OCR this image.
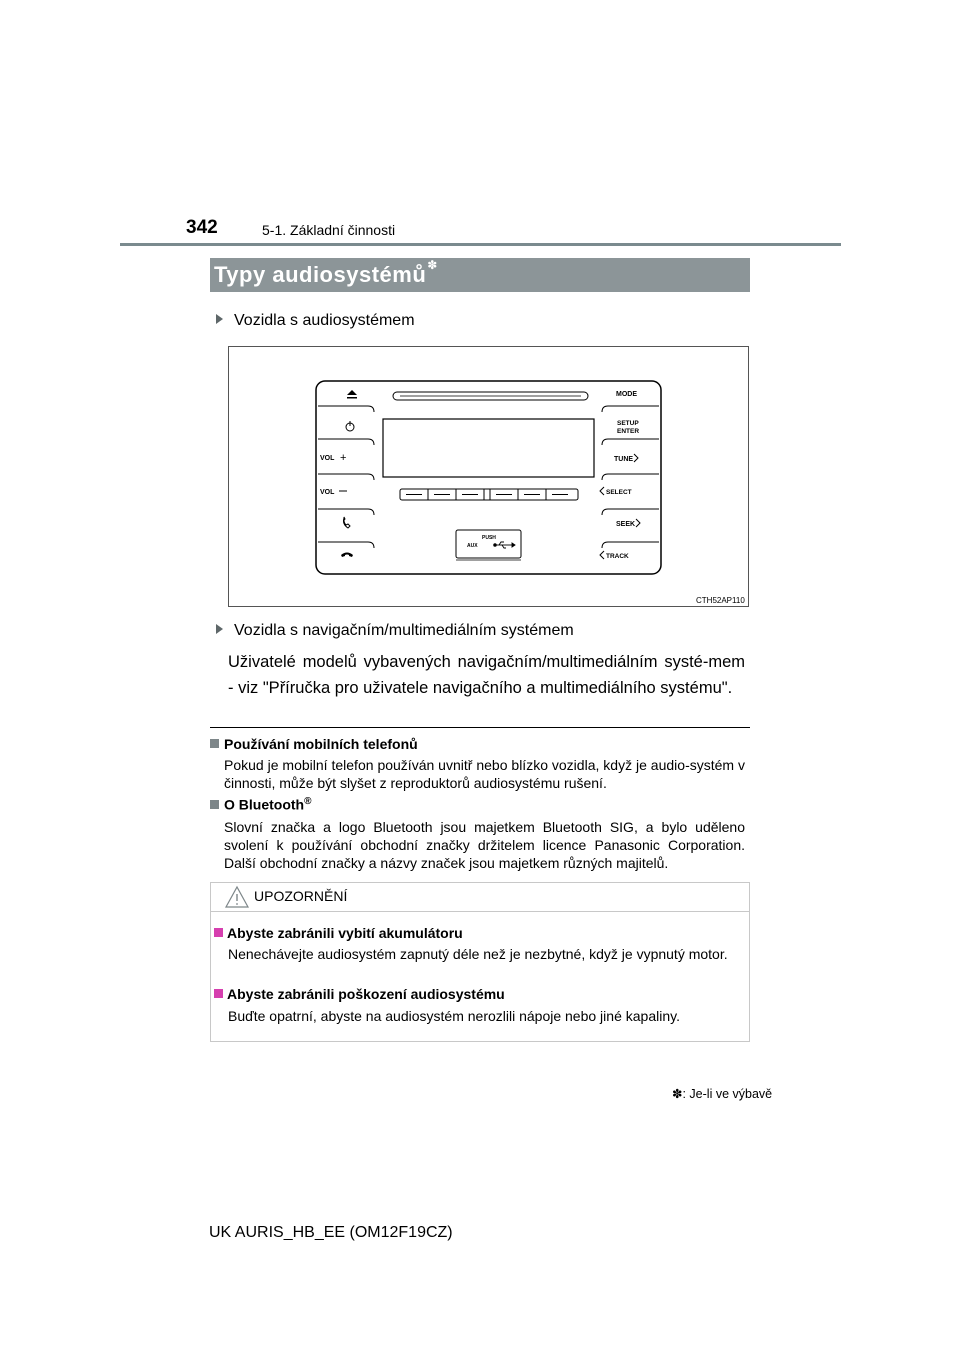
342	5-1. Základní činnosti
Typy audiosystémů✽
Vozidla s audiosystémem
VOL +
VOL
MODE
SETUP
ENTER
TUNE
SELECT
SEEK
TRACK
PUSH
AUX
CTH52AP110
Vozidla s navigačním/multimediálním systémem
Uživatelé modelů vybavených navigačním/multimediálním systé-mem - viz "Příručka pro uživatele navigačního a multimediálního systému".
Používání mobilních telefonů
Pokud je mobilní telefon používán uvnitř nebo blízko vozidla, když je audio-systém v činnosti, může být slyšet z reproduktorů audiosystému rušení.
O Bluetooth®
Slovní značka a logo Bluetooth jsou majetkem Bluetooth SIG, a bylo uděleno svolení k používání obchodní značky držitelem licence Panasonic Corporation. Další obchodní značky a názvy značek jsou majetkem různých majitelů.
UPOZORNĚNÍ
Abyste zabránili vybití akumulátoru
Nenechávejte audiosystém zapnutý déle než je nezbytné, když je vypnutý motor.
Abyste zabránili poškození audiosystému
Buďte opatrní, abyste na audiosystém nerozlili nápoje nebo jiné kapaliny.
✽: Je-li ve výbavě
UK AURIS_HB_EE (OM12F19CZ)
